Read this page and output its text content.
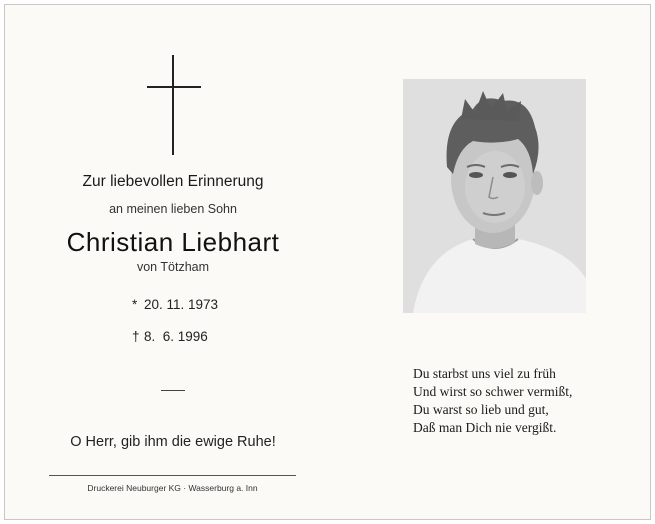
Zur liebevollen Erinnerung
an meinen lieben Sohn
Christian Liebhart
von Tötzham
* 20. 11. 1973
† 8.  6. 1996
O Herr, gib ihm die ewige Ruhe!
Druckerei Neuburger KG · Wasserburg a. Inn
Du starbst uns viel zu früh
Und wirst so schwer vermißt,
Du warst so lieb und gut,
Daß man Dich nie vergißt.
